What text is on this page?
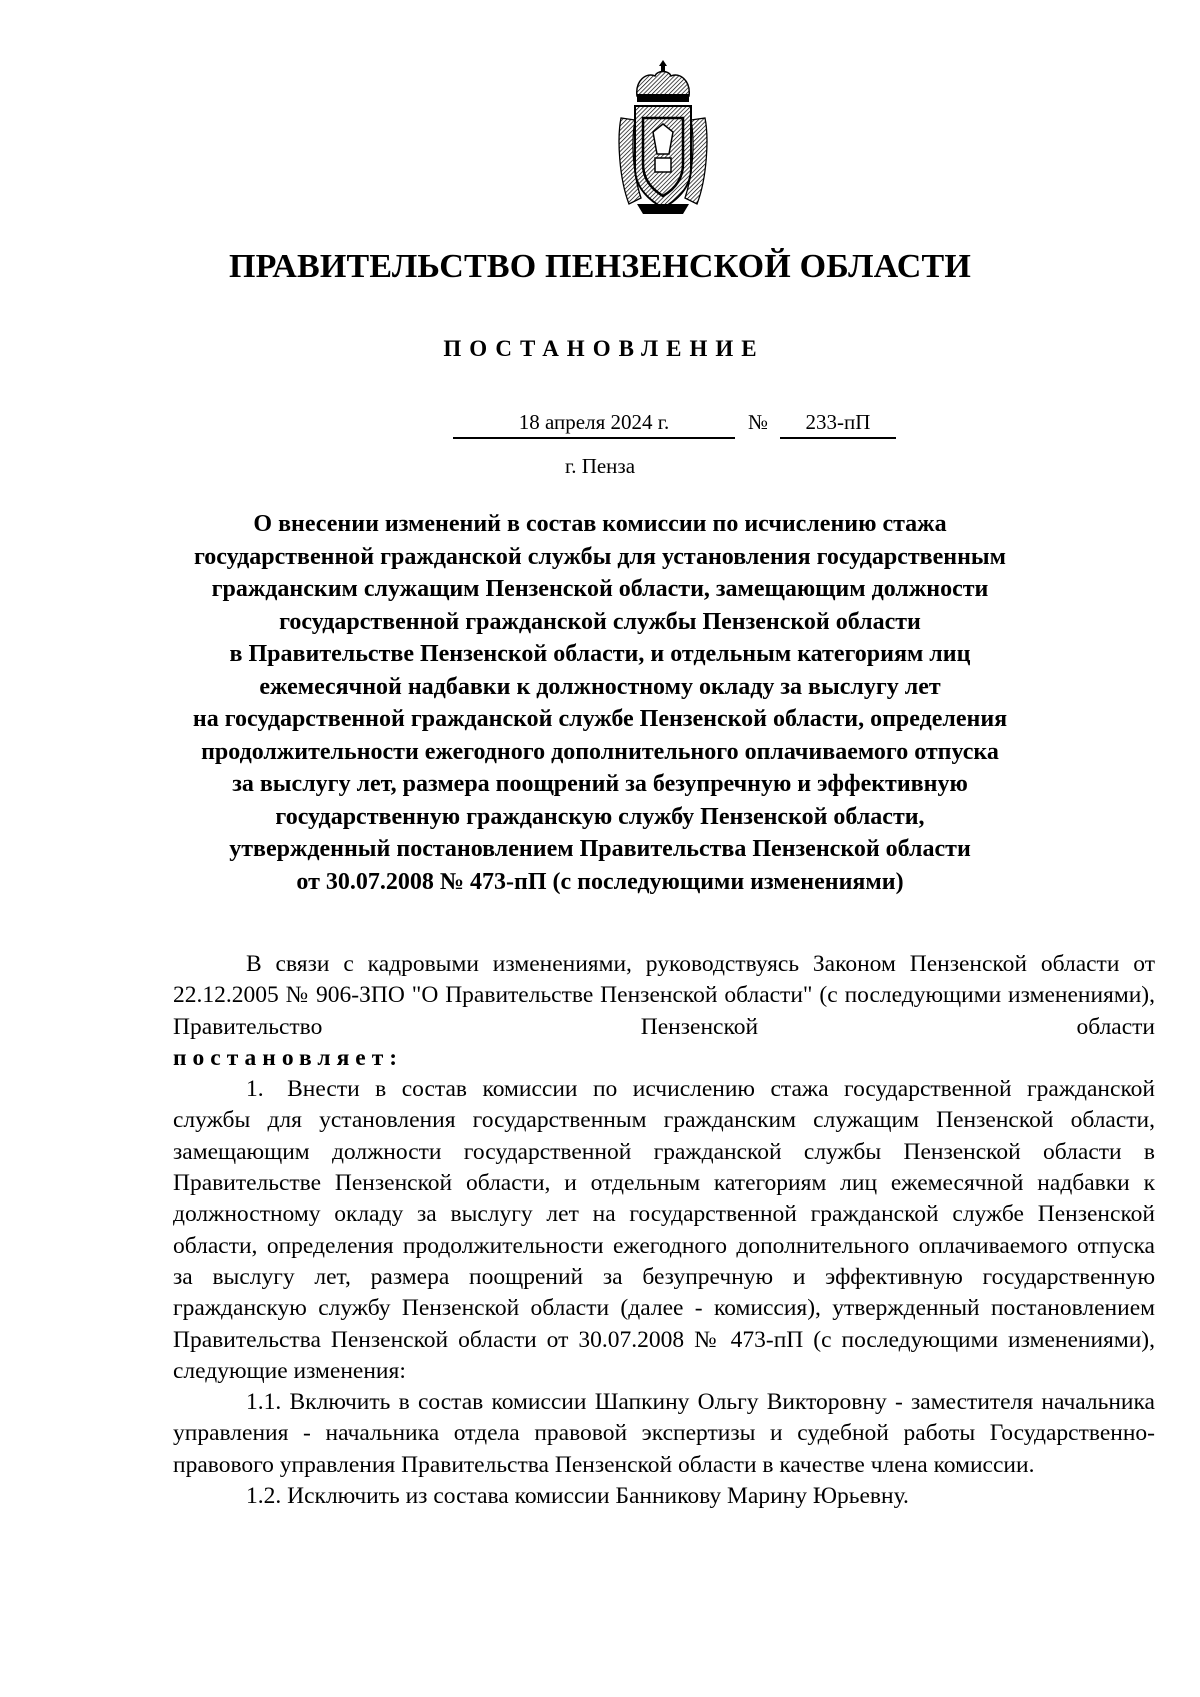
ПРАВИТЕЛЬСТВО ПЕНЗЕНСКОЙ ОБЛАСТИ
ПОСТАНОВЛЕНИЕ
18 апреля 2024 г.	№	233-пП
г. Пенза
О внесении изменений в состав комиссии по исчислению стажа
государственной гражданской службы для установления государственным
гражданским служащим Пензенской области, замещающим должности
государственной гражданской службы Пензенской области
в Правительстве Пензенской области, и отдельным категориям лиц
ежемесячной надбавки к должностному окладу за выслугу лет
на государственной гражданской службе Пензенской области, определения
продолжительности ежегодного дополнительного оплачиваемого отпуска
за выслугу лет, размера поощрений за безупречную и эффективную
государственную гражданскую службу Пензенской области,
утвержденный постановлением Правительства Пензенской области
от 30.07.2008 № 473-пП (с последующими изменениями)

В связи с кадровыми изменениями, руководствуясь Законом Пензенской области от 22.12.2005 № 906-ЗПО "О Правительстве Пензенской области" (с последующими изменениями), Правительство Пензенской области

постановляет:

1. Внести в состав комиссии по исчислению стажа государственной гражданской службы для установления государственным гражданским служащим Пензенской области, замещающим должности государственной гражданской службы Пензенской области в Правительстве Пензенской области, и отдельным категориям лиц ежемесячной надбавки к должностному окладу за выслугу лет на государственной гражданской службе Пензенской области, определения продолжительности ежегодного дополнительного оплачиваемого отпуска за выслугу лет, размера поощрений за безупречную и эффективную государственную гражданскую службу Пензенской области (далее - комиссия), утвержденный постановлением Правительства Пензенской области от 30.07.2008 № 473-пП (с последующими изменениями), следующие изменения:

1.1. Включить в состав комиссии Шапкину Ольгу Викторовну - заместителя начальника управления - начальника отдела правовой экспертизы и судебной работы Государственно-правового управления Правительства Пензенской области в качестве члена комиссии.

1.2. Исключить из состава комиссии Банникову Марину Юрьевну.
